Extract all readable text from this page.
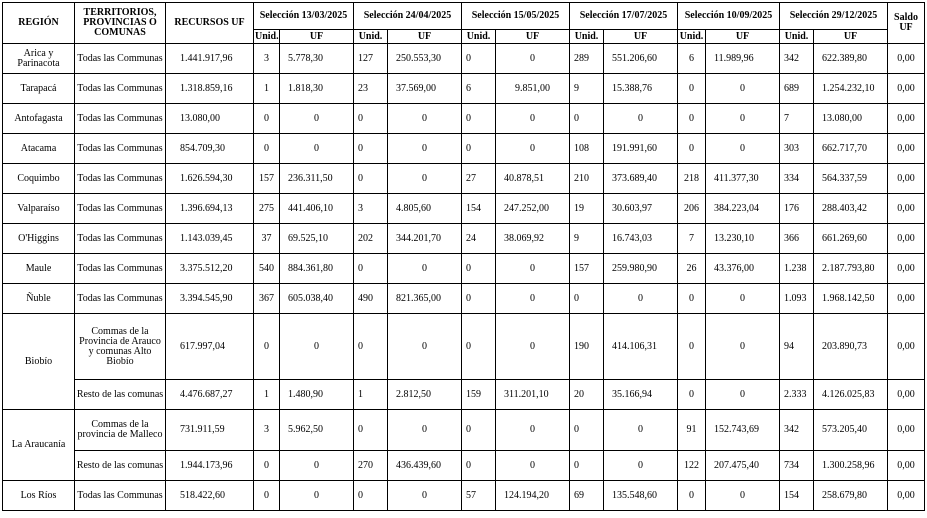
REGIÓN	TERRITORIOS, PROVINCIAS O COMUNAS	RECURSOS UF	Selección 13/03/2025		Selección 24/04/2025		Selección 15/05/2025		Selección 17/07/2025		Selección 10/09/2025		Selección 29/12/2025		Saldo UF
			Unid.	UF	Unid.	UF	Unid.	UF	Unid.	UF	Unid.	UF	Unid.	UF	
Arica y Parinacota	Todas las Communas	1.441.917,96	3	5.778,30	127	250.553,30	0	0	289	551.206,60	6	11.989,96	342	622.389,80	0,00
Tarapacá	Todas las Communas	1.318.859,16	1	1.818,30	23	37.569,00	6	9.851,00	9	15.388,76	0	0	689	1.254.232,10	0,00
Antofagasta	Todas las Communas	13.080,00	0	0	0	0	0	0	0	0	0	0	7	13.080,00	0,00
Atacama	Todas las Communas	854.709,30	0	0	0	0	0	0	108	191.991,60	0	0	303	662.717,70	0,00
Coquimbo	Todas las Communas	1.626.594,30	157	236.311,50	0	0	27	40.878,51	210	373.689,40	218	411.377,30	334	564.337,59	0,00
Valparaíso	Todas las Communas	1.396.694,13	275	441.406,10	3	4.805,60	154	247.252,00	19	30.603,97	206	384.223,04	176	288.403,42	0,00
O'Higgins	Todas las Communas	1.143.039,45	37	69.525,10	202	344.201,70	24	38.069,92	9	16.743,03	7	13.230,10	366	661.269,60	0,00
Maule	Todas las Communas	3.375.512,20	540	884.361,80	0	0	0	0	157	259.980,90	26	43.376,00	1.238	2.187.793,80	0,00
Ñuble	Todas las Communas	3.394.545,90	367	605.038,40	490	821.365,00	0	0	0	0	0	0	1.093	1.968.142,50	0,00
Biobío	Commas de la Provincia de Arauco y comunas Alto Biobío	617.997,04	0	0	0	0	0	0	190	414.106,31	0	0	94	203.890,73	0,00
	Resto de las comunas	4.476.687,27	1	1.480,90	1	2.812,50	159	311.201,10	20	35.166,94	0	0	2.333	4.126.025,83	0,00
La Araucanía	Commas de la provincia de Malleco	731.911,59	3	5.962,50	0	0	0	0	0	0	91	152.743,69	342	573.205,40	0,00
	Resto de las comunas	1.944.173,96	0	0	270	436.439,60	0	0	0	0	122	207.475,40	734	1.300.258,96	0,00
Los Ríos	Todas las Communas	518.422,60	0	0	0	0	57	124.194,20	69	135.548,60	0	0	154	258.679,80	0,00
